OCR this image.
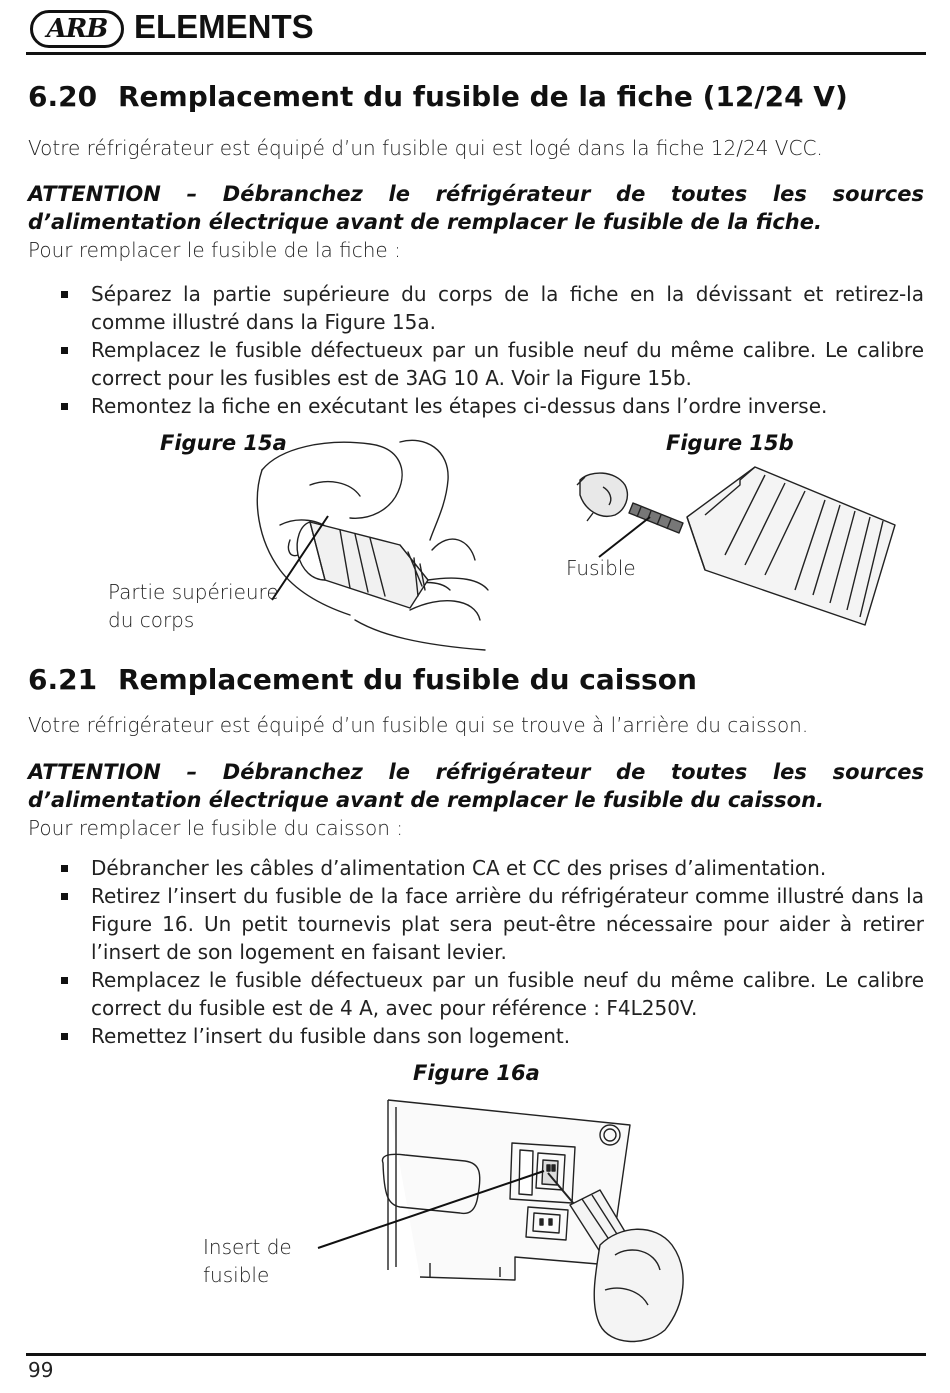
ARB ELEMENTS
6.20 Remplacement du fusible de la fiche (12/24 V)
Votre réfrigérateur est équipé d’un fusible qui est logé dans la fiche 12/24 VCC.
ATTENTION – Débranchez le réfrigérateur de toutes les sources d’alimentation électrique avant de remplacer le fusible de la fiche.
Pour remplacer le fusible de la fiche :
Séparez la partie supérieure du corps de la fiche en la dévissant et retirez-la comme illustré dans la Figure 15a.
Remplacez le fusible défectueux par un fusible neuf du même calibre. Le calibre correct pour les fusibles est de 3AG 10 A. Voir la Figure 15b.
Remontez la fiche en exécutant les étapes ci-dessus dans l’ordre inverse.
Figure 15a	Figure 15b
Partie supérieure
du corps
Fusible
6.21 Remplacement du fusible du caisson
Votre réfrigérateur est équipé d’un fusible qui se trouve à l’arrière du caisson.
ATTENTION – Débranchez le réfrigérateur de toutes les sources d’alimentation électrique avant de remplacer le fusible du caisson.
Pour remplacer le fusible du caisson :
Débrancher les câbles d’alimentation CA et CC des prises d’alimentation.
Retirez l’insert du fusible de la face arrière du réfrigérateur comme illustré dans la Figure 16. Un petit tournevis plat sera peut-être nécessaire pour aider à retirer l’insert de son logement en faisant levier.
Remplacez le fusible défectueux par un fusible neuf du même calibre. Le calibre correct du fusible est de 4 A, avec pour référence : F4L250V.
Remettez l’insert du fusible dans son logement.
Figure 16a
Insert de
fusible
99
